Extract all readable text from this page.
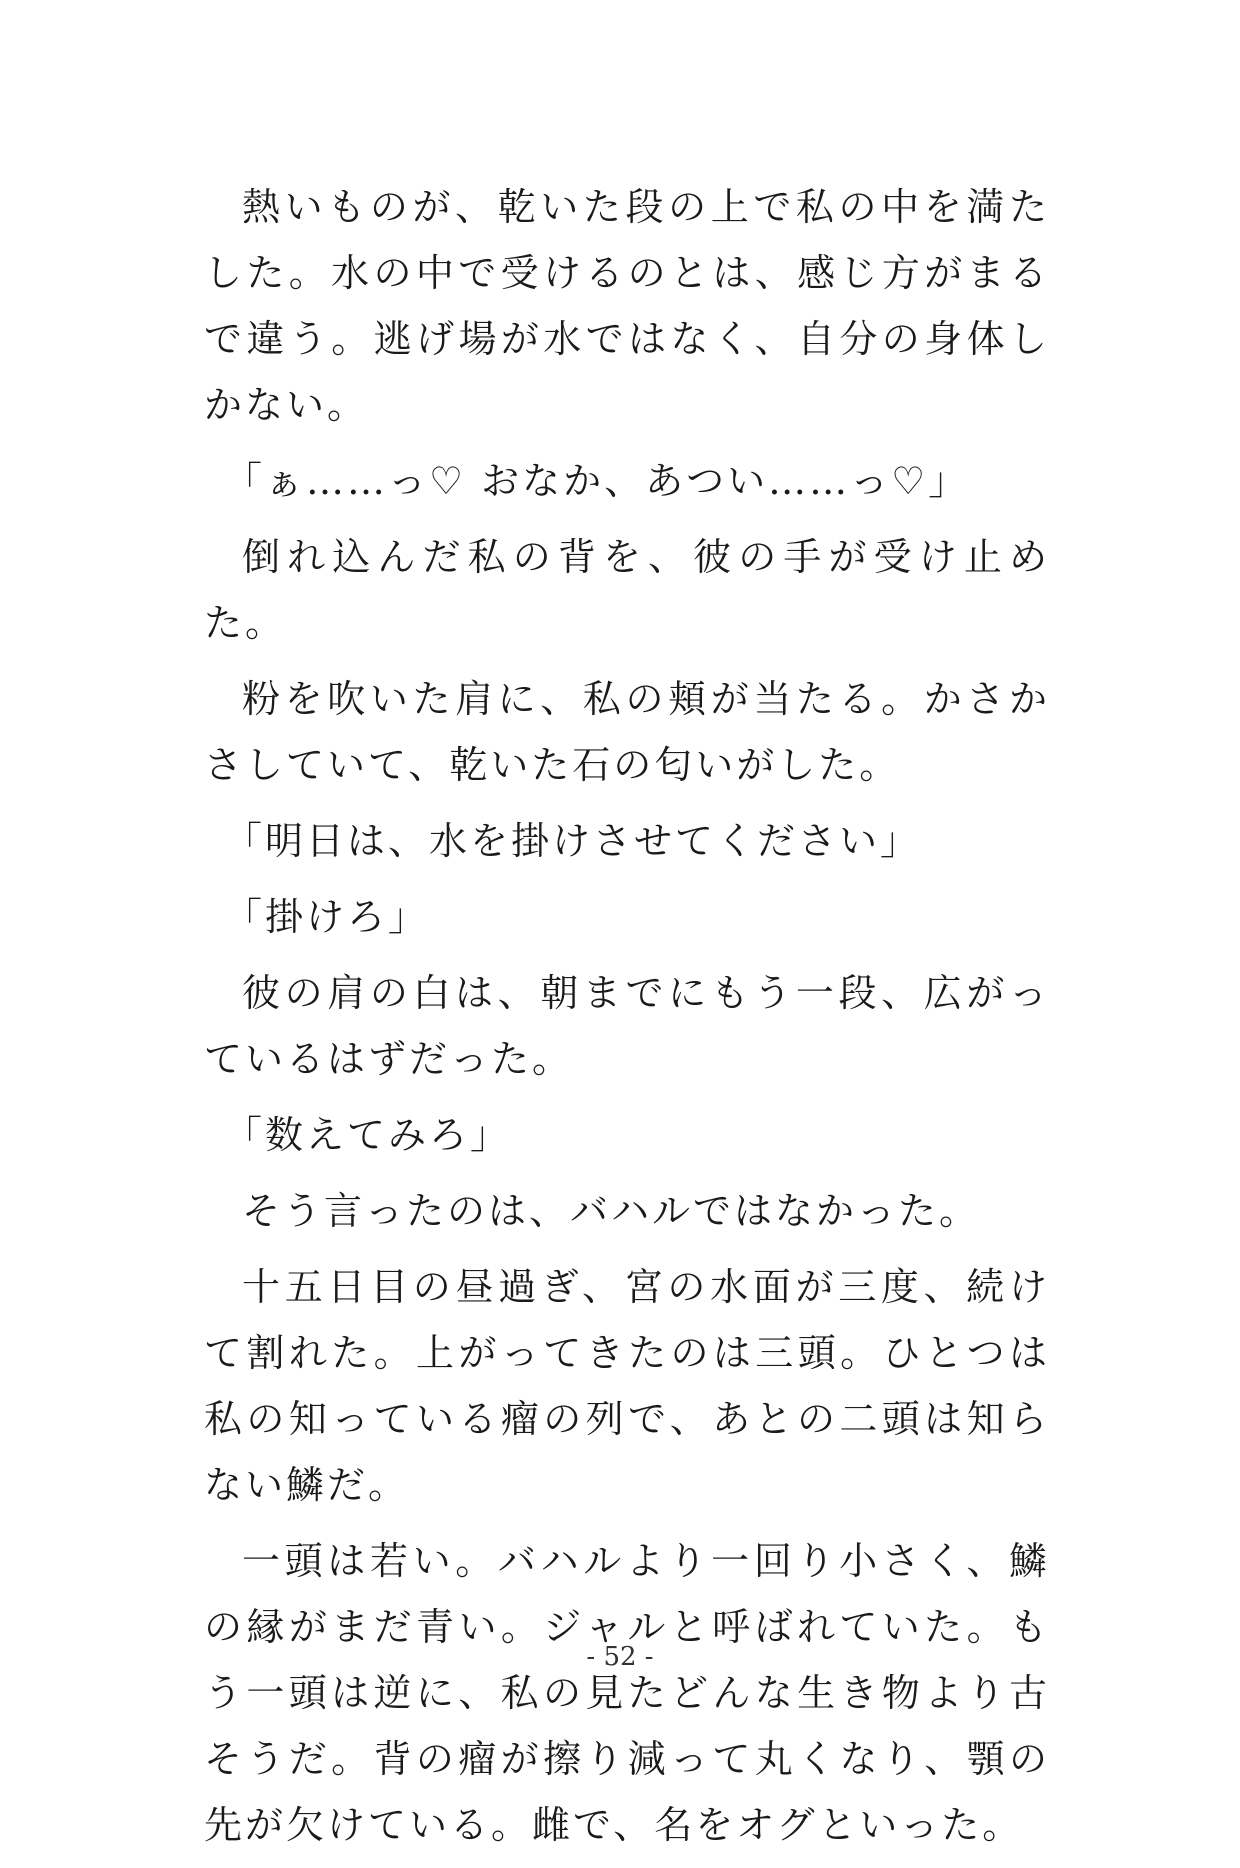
熱いものが、乾いた段の上で私の中を満たした。水の中で受けるのとは、感じ方がまるで違う。逃げ場が水ではなく、自分の身体しかない。

「ぁ……っ♡ おなか、あつい……っ♡」

倒れ込んだ私の背を、彼の手が受け止めた。

粉を吹いた肩に、私の頬が当たる。かさかさしていて、乾いた石の匂いがした。

「明日は、水を掛けさせてください」

「掛けろ」

彼の肩の白は、朝までにもう一段、広がっているはずだった。

「数えてみろ」

そう言ったのは、バハルではなかった。

十五日目の昼過ぎ、宮の水面が三度、続けて割れた。上がってきたのは三頭。ひとつは私の知っている瘤の列で、あとの二頭は知らない鱗だ。

一頭は若い。バハルより一回り小さく、鱗の縁がまだ青い。ジャルと呼ばれていた。もう一頭は逆に、私の見たどんな生き物より古そうだ。背の瘤が擦り減って丸くなり、顎の先が欠けている。雌で、名をオグといった。

- 52 -
